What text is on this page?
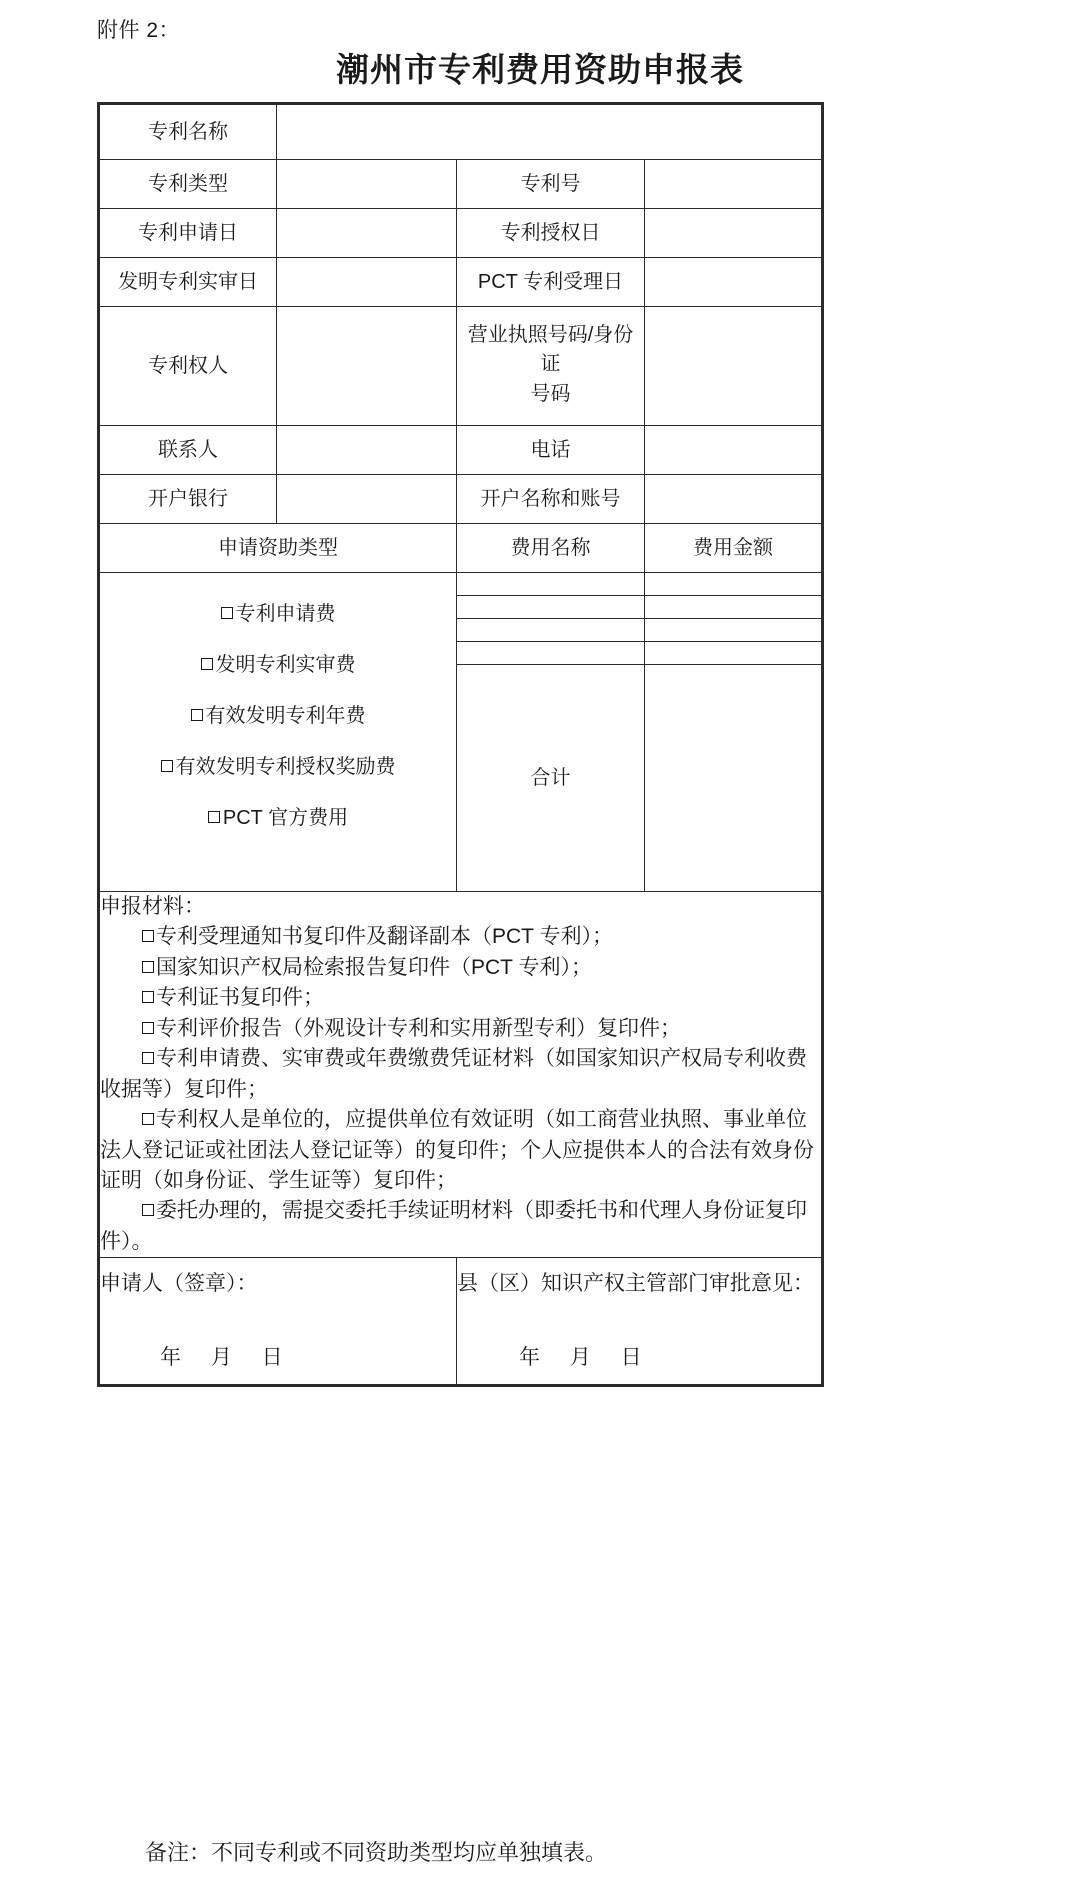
附件 2：
潮州市专利费用资助申报表
专利名称			
专利类型		专利号	
专利申请日		专利授权日	
发明专利实审日		PCT 专利受理日	
专利权人		营业执照号码/身份证
号码	

联系人		电话	
开户银行		开户名称和账号	
申请资助类型		费用名称	费用金额

专利申请费
发明专利实审费
有效发明专利年费
有效发明专利授权奖励费
PCT 官方费用			

		合计	

申报材料：
专利受理通知书复印件及翻译副本（PCT 专利）；
国家知识产权局检索报告复印件（PCT 专利）；
专利证书复印件；
专利评价报告（外观设计专利和实用新型专利）复印件；
专利申请费、实审费或年费缴费凭证材料（如国家知识产权局专利收费收据等）复印件；
专利权人是单位的，应提供单位有效证明（如工商营业执照、事业单位法人登记证或社团法人登记证等）的复印件；个人应提供本人的合法有效身份证明（如身份证、学生证等）复印件；
委托办理的，需提交委托手续证明材料（即委托书和代理人身份证复印件）。

申请人（签章）：
年 月 日

县（区）知识产权主管部门审批意见：
年 月 日
备注：不同专利或不同资助类型均应单独填表。
